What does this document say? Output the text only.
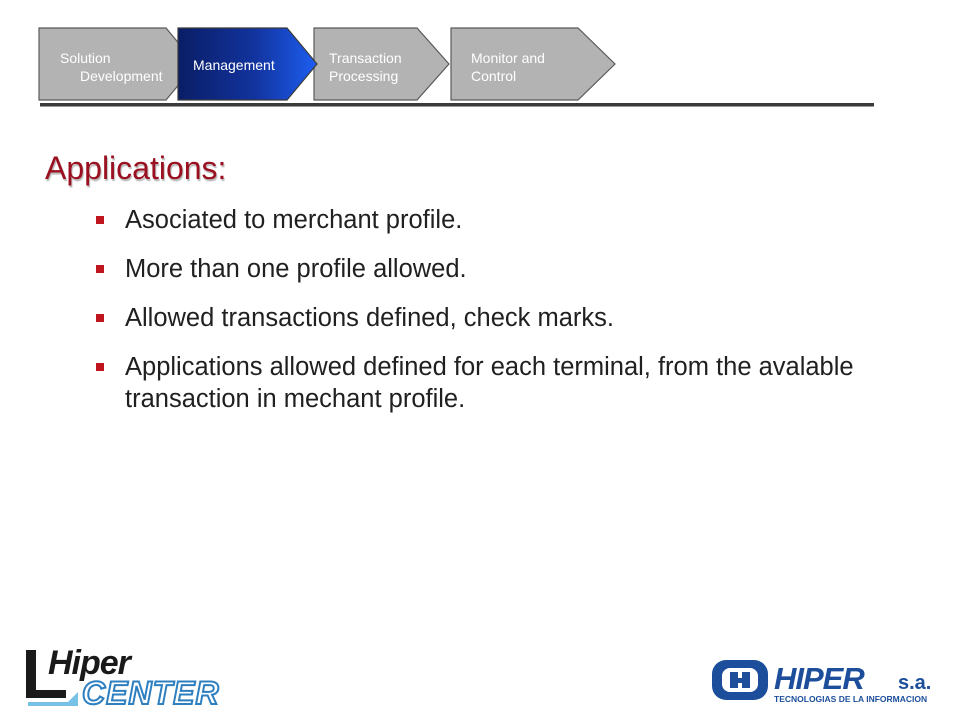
Solution
Development
Transaction
Processing
Monitor and
Control
Management
Applications:
Asociated to merchant profile.
More than one profile allowed.
Allowed transactions defined, check marks.
Applications allowed defined for each terminal, from the avalable transaction in mechant profile.
Hiper
CENTER	HIPER s.a.
TECNOLOGIAS DE LA INFORMACION
